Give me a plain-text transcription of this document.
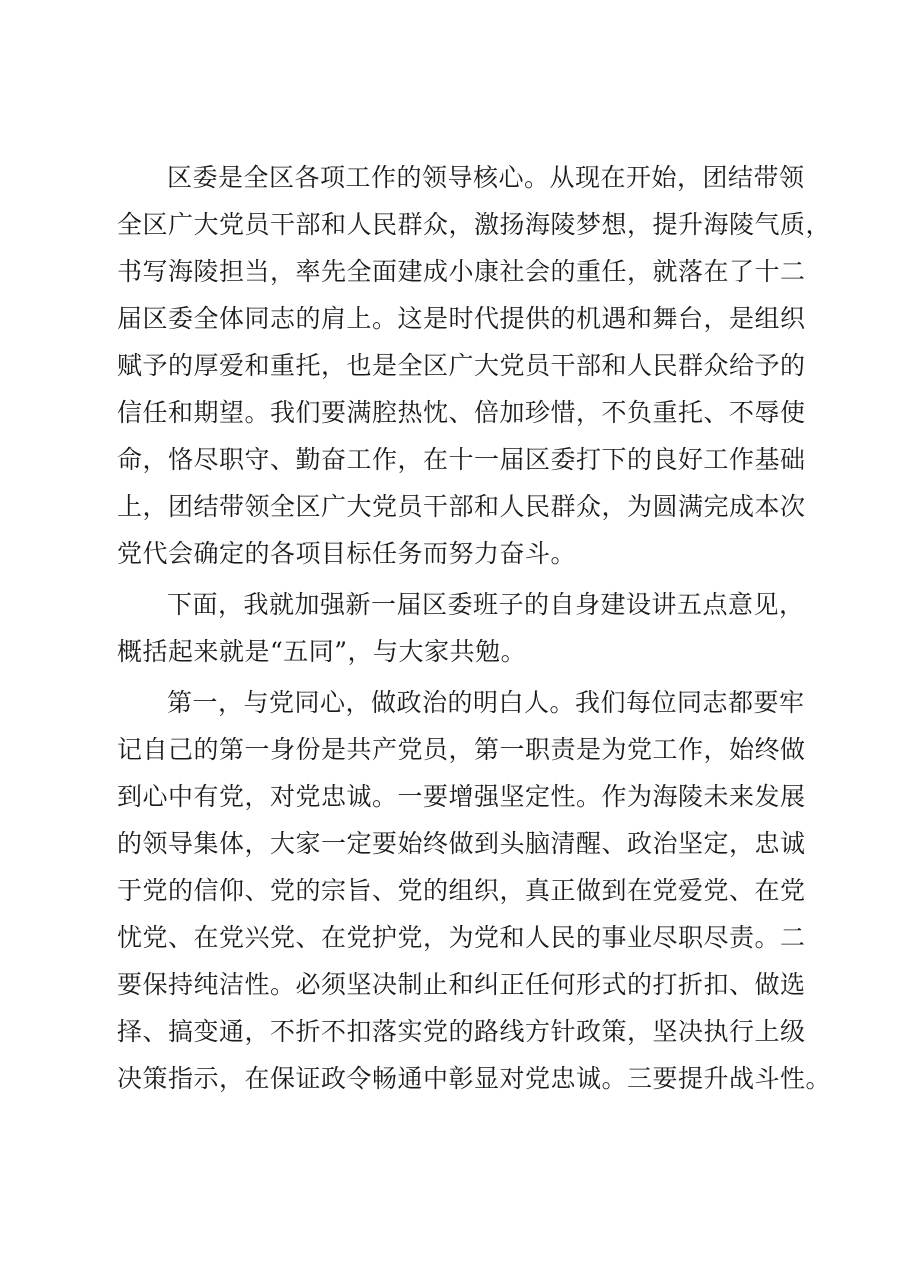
区委是全区各项工作的领导核心。从现在开始，团结带领
全区广大党员干部和人民群众，激扬海陵梦想，提升海陵气质，
书写海陵担当，率先全面建成小康社会的重任，就落在了十二
届区委全体同志的肩上。这是时代提供的机遇和舞台，是组织
赋予的厚爱和重托，也是全区广大党员干部和人民群众给予的
信任和期望。我们要满腔热忱、倍加珍惜，不负重托、不辱使
命，恪尽职守、勤奋工作，在十一届区委打下的良好工作基础
上，团结带领全区广大党员干部和人民群众，为圆满完成本次
党代会确定的各项目标任务而努力奋斗。
下面，我就加强新一届区委班子的自身建设讲五点意见，
概括起来就是“五同”，与大家共勉。
第一，与党同心，做政治的明白人。我们每位同志都要牢
记自己的第一身份是共产党员，第一职责是为党工作，始终做
到心中有党，对党忠诚。一要增强坚定性。作为海陵未来发展
的领导集体，大家一定要始终做到头脑清醒、政治坚定，忠诚
于党的信仰、党的宗旨、党的组织，真正做到在党爱党、在党
忧党、在党兴党、在党护党，为党和人民的事业尽职尽责。二
要保持纯洁性。必须坚决制止和纠正任何形式的打折扣、做选
择、搞变通，不折不扣落实党的路线方针政策，坚决执行上级
决策指示，在保证政令畅通中彰显对党忠诚。三要提升战斗性。
